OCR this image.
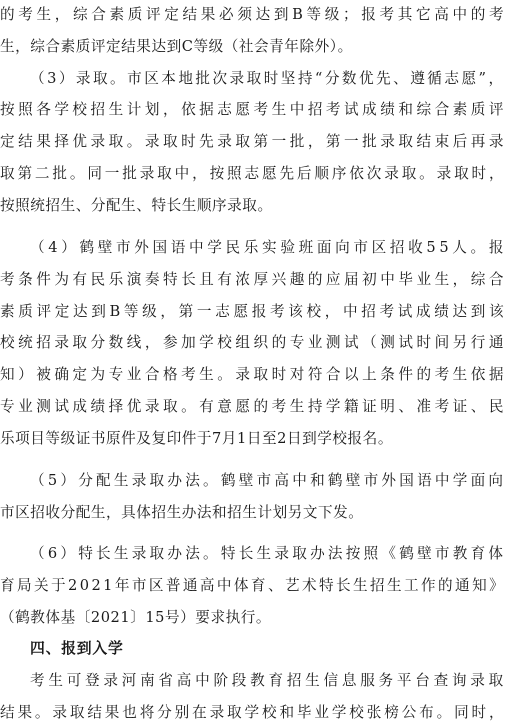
的考生，综合素质评定结果必须达到B等级；报考其它高中的考
生，综合素质评定结果达到C等级（社会青年除外）。
（3）录取。市区本地批次录取时坚持“分数优先、遵循志愿”，
按照各学校招生计划，依据志愿考生中招考试成绩和综合素质评
定结果择优录取。录取时先录取第一批，第一批录取结束后再录
取第二批。同一批录取中，按照志愿先后顺序依次录取。录取时，
按照统招生、分配生、特长生顺序录取。
（4）鹤壁市外国语中学民乐实验班面向市区招收55人。报
考条件为有民乐演奏特长且有浓厚兴趣的应届初中毕业生，综合
素质评定达到B等级，第一志愿报考该校，中招考试成绩达到该
校统招录取分数线，参加学校组织的专业测试（测试时间另行通
知）被确定为专业合格考生。录取时对符合以上条件的考生依据
专业测试成绩择优录取。有意愿的考生持学籍证明、准考证、民
乐项目等级证书原件及复印件于7月1日至2日到学校报名。
（5）分配生录取办法。鹤壁市高中和鹤壁市外国语中学面向
市区招收分配生，具体招生办法和招生计划另文下发。
（6）特长生录取办法。特长生录取办法按照《鹤壁市教育体
育局关于2021年市区普通高中体育、艺术特长生招生工作的通知》
（鹤教体基〔2021〕15号）要求执行。
四、报到入学
考生可登录河南省高中阶段教育招生信息服务平台查询录取
结果。录取结果也将分别在录取学校和毕业学校张榜公布。同时，
